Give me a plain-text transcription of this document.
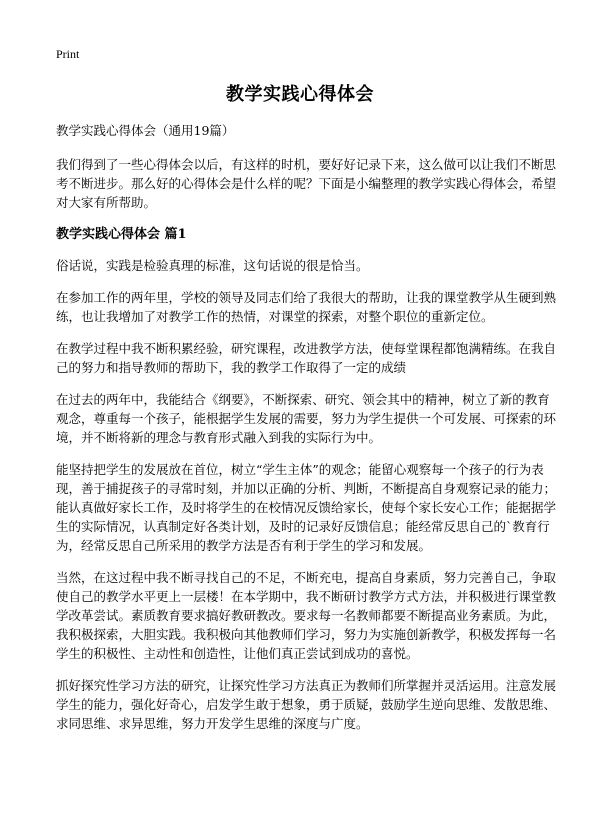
Print
教学实践心得体会

教学实践心得体会（通用19篇）

我们得到了一些心得体会以后，有这样的时机，要好好记录下来，这么做可以让我们不断思考不断进步。那么好的心得体会是什么样的呢？下面是小编整理的教学实践心得体会，希望对大家有所帮助。

教学实践心得体会 篇1

俗话说，实践是检验真理的标准，这句话说的很是恰当。

在参加工作的两年里，学校的领导及同志们给了我很大的帮助，让我的课堂教学从生硬到熟练，也让我增加了对教学工作的热情，对课堂的探索，对整个职位的重新定位。

在教学过程中我不断积累经验，研究课程，改进教学方法，使每堂课程都饱满精练。在我自己的努力和指导教师的帮助下，我的教学工作取得了一定的成绩

在过去的两年中，我能结合《纲要》，不断探索、研究、领会其中的精神，树立了新的教育观念，尊重每一个孩子，能根据学生发展的需要，努力为学生提供一个可发展、可探索的环境，并不断将新的理念与教育形式融入到我的实际行为中。

能坚持把学生的发展放在首位，树立“学生主体”的观念；能留心观察每一个孩子的行为表现，善于捕捉孩子的寻常时刻，并加以正确的分析、判断，不断提高自身观察记录的能力；能认真做好家长工作，及时将学生的在校情况反馈给家长，使每个家长安心工作；能据据学生的实际情况，认真制定好各类计划，及时的记录好反馈信息；能经常反思自己的`教育行为，经常反思自己所采用的教学方法是否有利于学生的学习和发展。

当然，在这过程中我不断寻找自己的不足，不断充电，提高自身素质，努力完善自己，争取使自己的教学水平更上一层楼！在本学期中，我不断研讨教学方式方法，并积极进行课堂教学改革尝试。素质教育要求搞好教研教改。要求每一名教师都要不断提高业务素质。为此，我积极探索，大胆实践。我积极向其他教师们学习，努力为实施创新教学，积极发挥每一名学生的积极性、主动性和创造性，让他们真正尝试到成功的喜悦。

抓好探究性学习方法的研究，让探究性学习方法真正为教师们所掌握并灵活运用。注意发展学生的能力，强化好奇心，启发学生敢于想象，勇于质疑，鼓励学生逆向思维、发散思维、求同思维、求异思维，努力开发学生思维的深度与广度。
